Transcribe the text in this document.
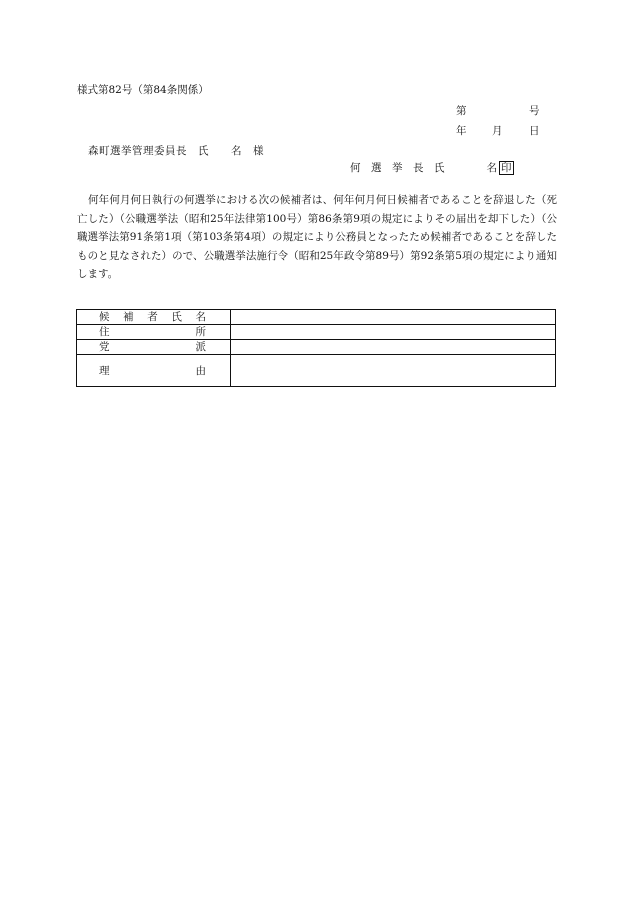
様式第82号（第84条関係）
第	号
年 月	日
森町選挙管理委員長　氏　　名　様
何　選　挙　長　氏　　　　名 印

何年何月何日執行の何選挙における次の候補者は、何年何月何日候補者であることを辞退した（死亡した）（公職選挙法（昭和25年法律第100号）第86条第9項の規定によりその届出を却下した）（公職選挙法第91条第1項（第103条第4項）の規定により公務員となったため候補者であることを辞したものと見なされた）ので、公職選挙法施行令（昭和25年政令第89号）第92条第5項の規定により通知します。

候補者氏名	

住所	

党派	

理由	
